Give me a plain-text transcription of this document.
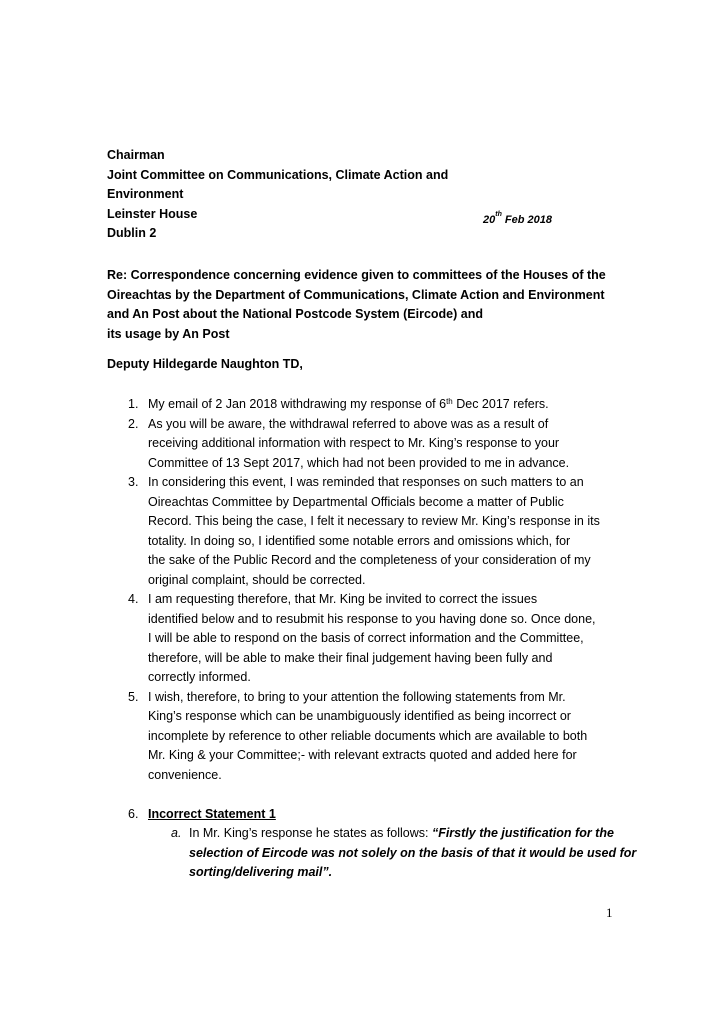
Chairman
Joint Committee on Communications, Climate Action and
Environment
Leinster House
Dublin 2
20th Feb 2018
Re: Correspondence concerning evidence given to committees of the Houses of the
Oireachtas by the Department of Communications, Climate Action and Environment
and An Post about the National Postcode System (Eircode) and
its usage by An Post
Deputy Hildegarde Naughton TD,
1. My email of 2 Jan 2018 withdrawing my response of 6th Dec 2017 refers.
2. As you will be aware, the withdrawal referred to above was as a result of
receiving additional information with respect to Mr. King’s response to your
Committee of 13 Sept 2017, which had not been provided to me in advance.
3. In considering this event, I was reminded that responses on such matters to an
Oireachtas Committee by Departmental Officials become a matter of Public
Record. This being the case, I felt it necessary to review Mr. King’s response in its
totality. In doing so, I identified some notable errors and omissions which, for
the sake of the Public Record and the completeness of your consideration of my
original complaint, should be corrected.
4. I am requesting therefore, that Mr. King be invited to correct the issues
identified below and to resubmit his response to you having done so. Once done,
I will be able to respond on the basis of correct information and the Committee,
therefore, will be able to make their final judgement having been fully and
correctly informed.
5. I wish, therefore, to bring to your attention the following statements from Mr.
King’s response which can be unambiguously identified as being incorrect or
incomplete by reference to other reliable documents which are available to both
Mr. King & your Committee;- with relevant extracts quoted and added here for
convenience.
6. Incorrect Statement 1
a. In Mr. King’s response he states as follows: “Firstly the justification for the
selection of Eircode was not solely on the basis of that it would be used for
sorting/delivering mail”.
1
